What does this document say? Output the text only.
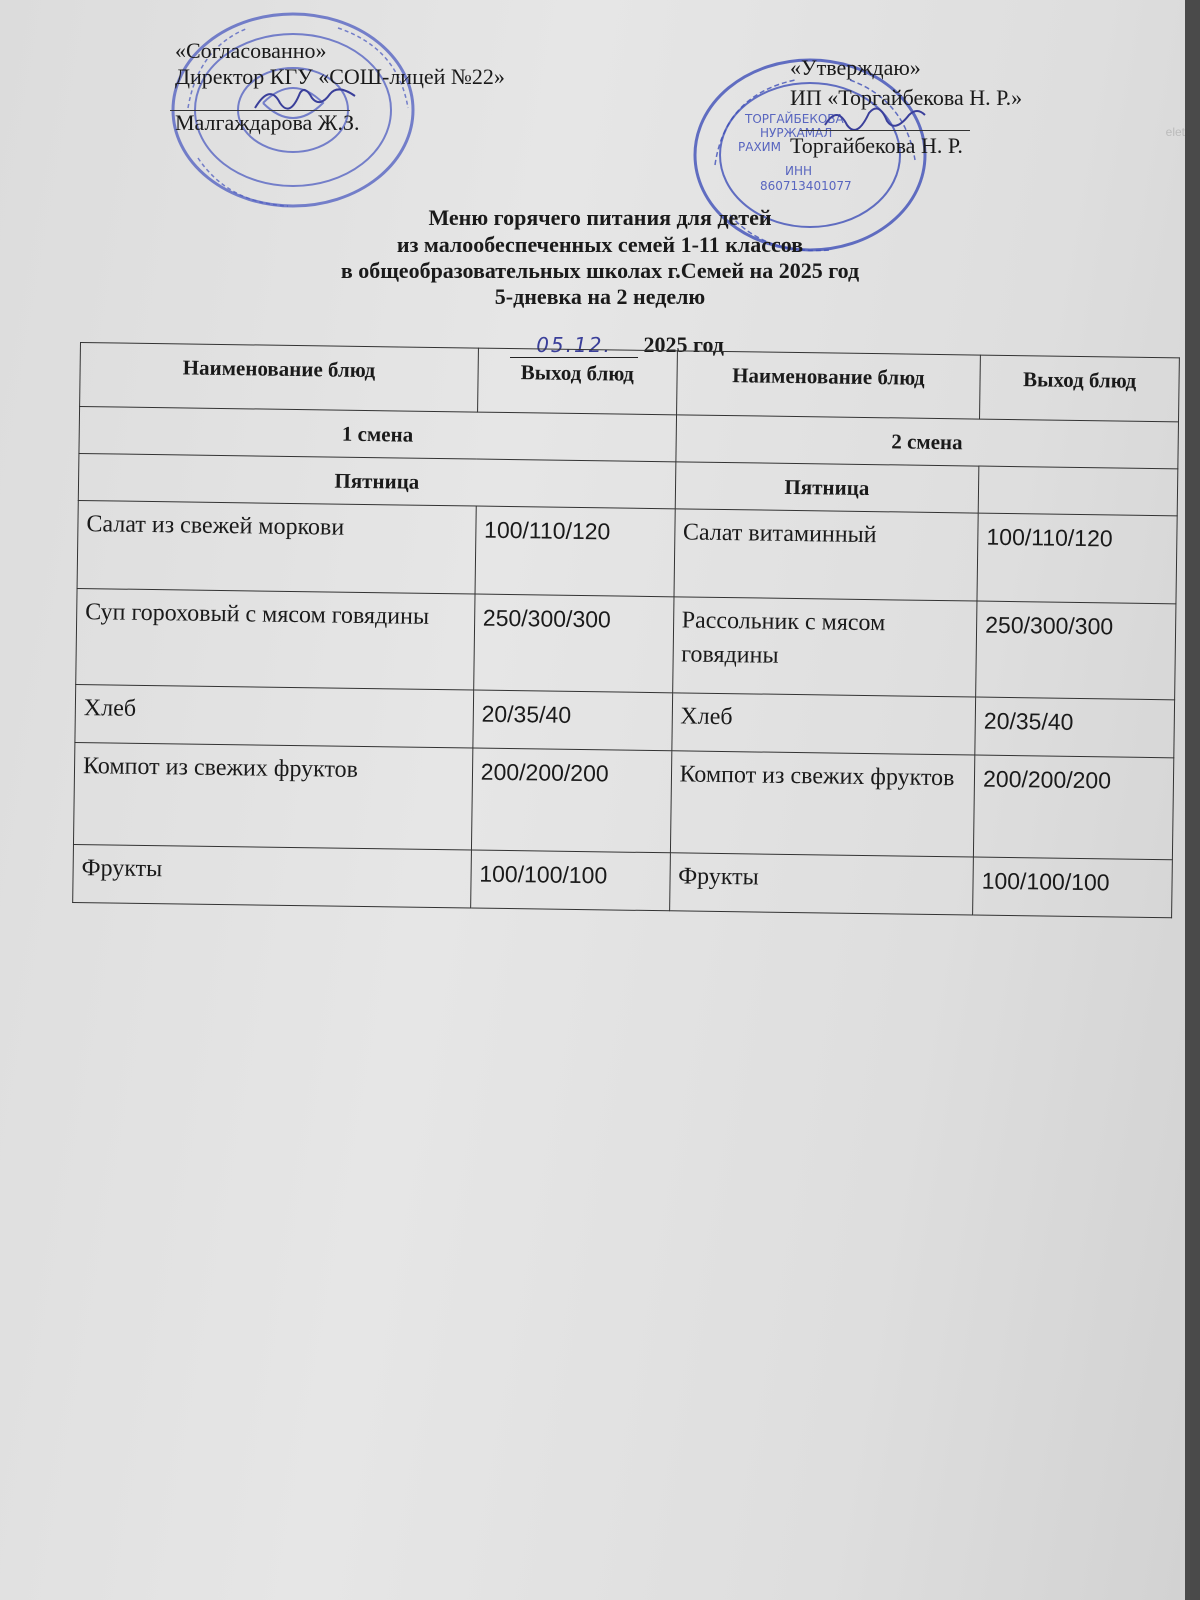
elet
«Согласованно»
Директор КГУ «СОШ-лицей №22»
Малгаждарова Ж.З.	ТОРГАЙБЕКОВА
НУРЖАМАЛ
РАХИМ
ИНН
860713401077
«Утверждаю»
ИП «Торгайбекова Н. Р.»
Торгайбекова Н. Р.
Меню горячего питания для детей
из малообеспеченных семей 1-11 классов
в общеобразовательных школах г.Семей на 2025 год
5-дневка на 2 неделю
05.12. 2025 год
Наименование блюд	Выход блюд	Наименование блюд	Выход блюд
1 смена		2 смена	
Пятница		Пятница	
Салат из свежей моркови	100/110/120	Салат витаминный	100/110/120
Суп гороховый с мясом говядины	250/300/300	Рассольник с мясом говядины	250/300/300
Хлеб	20/35/40	Хлеб	20/35/40
Компот из свежих фруктов	200/200/200	Компот из свежих фруктов	200/200/200
Фрукты	100/100/100	Фрукты	100/100/100
